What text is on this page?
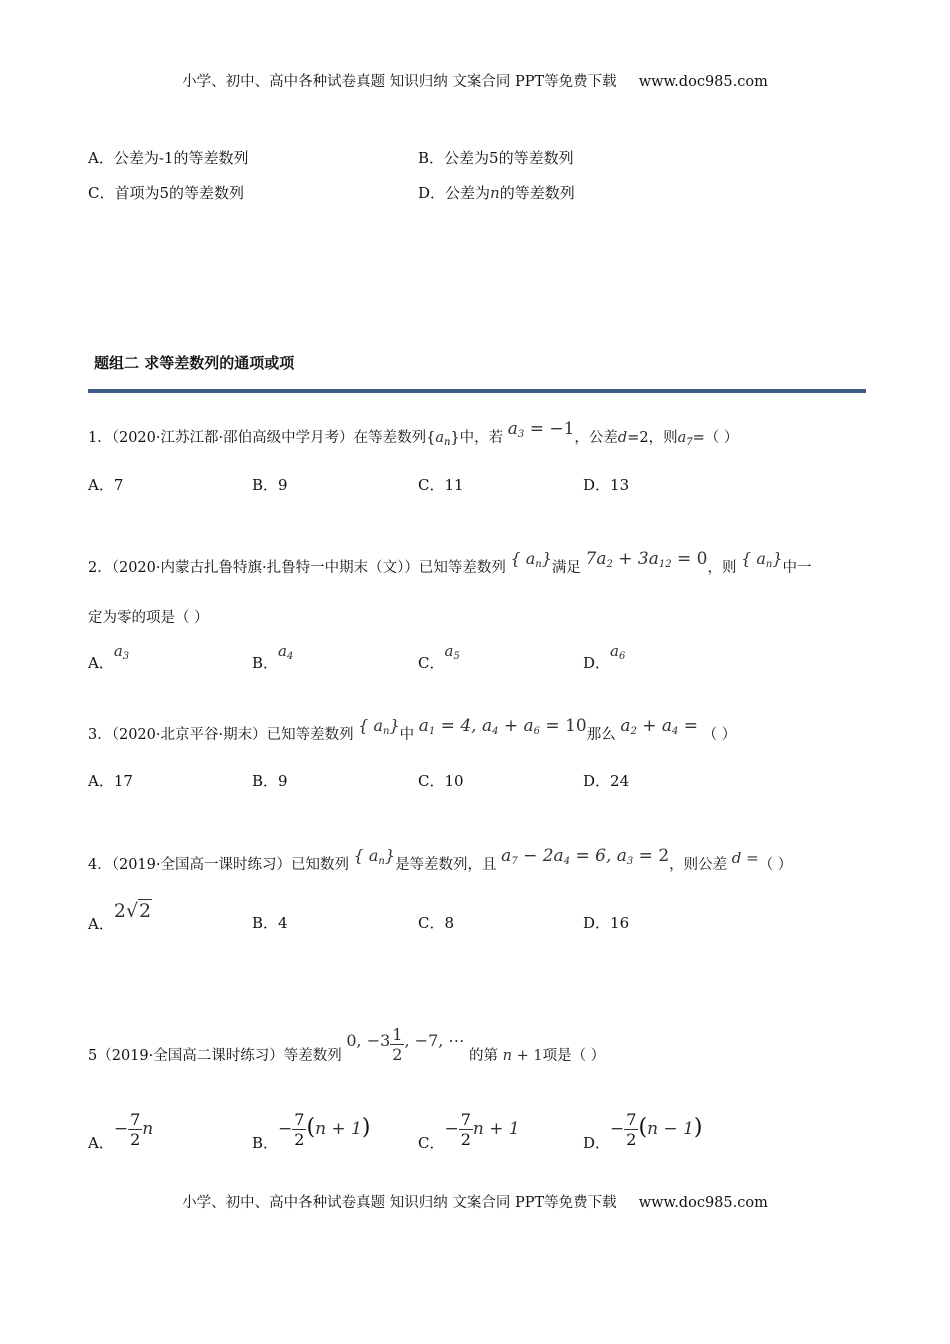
小学、初中、高中各种试卷真题 知识归纳 文案合同 PPT等免费下载 www.doc985.com
A．公差为-1的等差数列	B．公差为5的等差数列
C．首项为5的等差数列	D．公差为n的等差数列
题组二 求等差数列的通项或项
1．（2020·江苏江都·邵伯高级中学月考）在等差数列$\{a_n\}$中，若 $a_3 = -1$，公差d=2，则$a_7=$（ ）
A．7	B．9	C．11	D．13
2．（2020·内蒙古扎鲁特旗·扎鲁特一中期末（文））已知等差数列 { $a_n$}满足 $7a_2 + 3a_{12} = 0$，则 { $a_n$}中一
定为零的项是（ ）
A．$a_3$	B．$a_4$	C．$a_5$	D．$a_6$
3．（2020·北京平谷·期末）已知等差数列 { $a_n$}中 $a_1 = 4$, $a_4 + a_6 = 10$那么 $a_2 + a_4$ = （ ）
A．17	B．9	C．10	D．24
4．（2019·全国高一课时练习）已知数列 { $a_n$}是等差数列，且 $a_7 - 2a_4 = 6$, $a_3 = 2$，则公差 d =（ ）
A．2√2
B．4	C．8	D．16
5（2019·全国高二课时练习）等差数列 0, $-3 \frac{1}{2}$ , −7, ⋯ 的第 n + 1项是（ ）
A．− $\frac{7}{2}$ n
B．− $\frac{7}{2} (n + 1)$
C．− $\frac{7}{2}$ n + 1
D．− $\frac{7}{2} (n - 1)$
小学、初中、高中各种试卷真题 知识归纳 文案合同 PPT等免费下载 www.doc985.com
